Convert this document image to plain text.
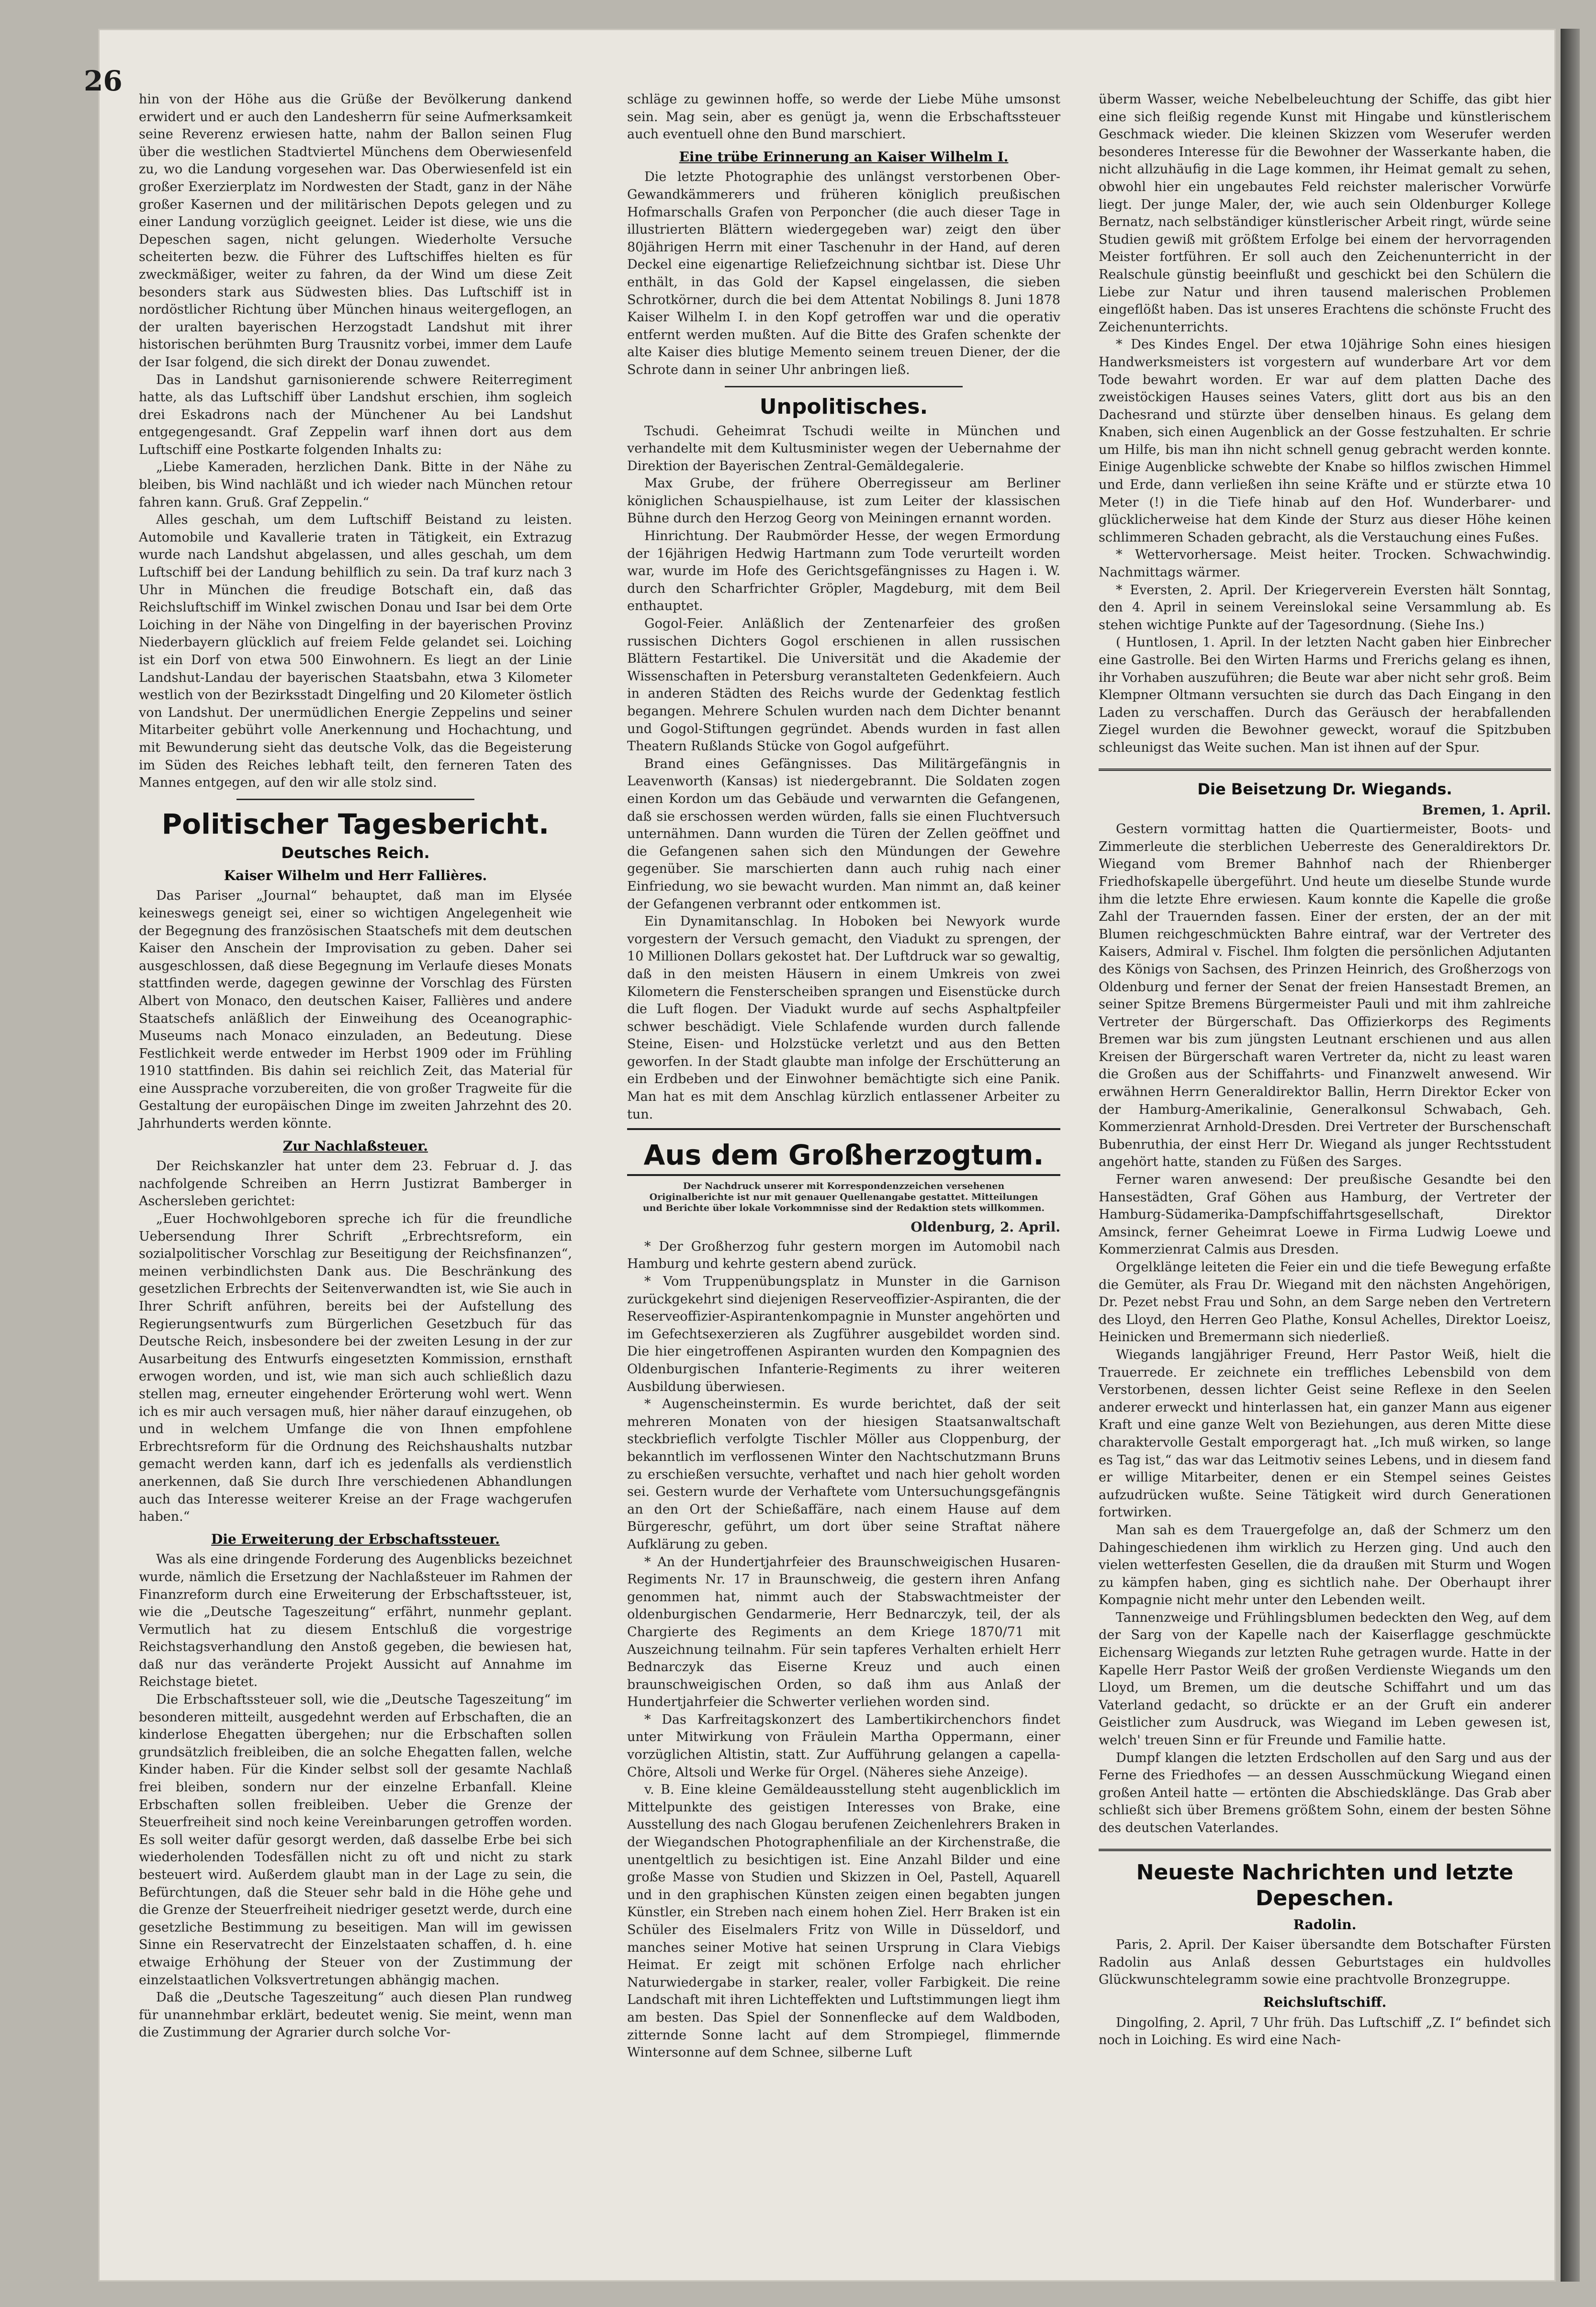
26

hin von der Höhe aus die Grüße der Bevölkerung dankend erwidert und er auch den Landesherrn für seine Aufmerksamkeit seine Reverenz erwiesen hatte, nahm der Ballon seinen Flug über die westlichen Stadtviertel Münchens dem Oberwiesenfeld zu, wo die Landung vorgesehen war. Das Oberwiesenfeld ist ein großer Exerzierplatz im Nordwesten der Stadt, ganz in der Nähe großer Kasernen und der militärischen Depots gelegen und zu einer Landung vorzüglich geeignet. Leider ist diese, wie uns die Depeschen sagen, nicht gelungen. Wiederholte Versuche scheiterten bezw. die Führer des Luftschiffes hielten es für zweckmäßiger, weiter zu fahren, da der Wind um diese Zeit besonders stark aus Südwesten blies. Das Luftschiff ist in nordöstlicher Richtung über München hinaus weitergeflogen, an der uralten bayerischen Herzogstadt Landshut mit ihrer historischen berühmten Burg Trausnitz vorbei, immer dem Laufe der Isar folgend, die sich direkt der Donau zuwendet.

Das in Landshut garnisonierende schwere Reiterregiment hatte, als das Luftschiff über Landshut erschien, ihm sogleich drei Eskadrons nach der Münchener Au bei Landshut entgegengesandt. Graf Zeppelin warf ihnen dort aus dem Luftschiff eine Postkarte folgenden Inhalts zu:

„Liebe Kameraden, herzlichen Dank. Bitte in der Nähe zu bleiben, bis Wind nachläßt und ich wieder nach München retour fahren kann. Gruß. Graf Zeppelin.“

Alles geschah, um dem Luftschiff Beistand zu leisten. Automobile und Kavallerie traten in Tätigkeit, ein Extrazug wurde nach Landshut abgelassen, und alles geschah, um dem Luftschiff bei der Landung behilflich zu sein. Da traf kurz nach 3 Uhr in München die freudige Botschaft ein, daß das Reichsluftschiff im Winkel zwischen Donau und Isar bei dem Orte Loiching in der Nähe von Dingelfing in der bayerischen Provinz Niederbayern glücklich auf freiem Felde gelandet sei. Loiching ist ein Dorf von etwa 500 Einwohnern. Es liegt an der Linie Landshut-Landau der bayerischen Staatsbahn, etwa 3 Kilometer westlich von der Bezirksstadt Dingelfing und 20 Kilometer östlich von Landshut. Der unermüdlichen Energie Zeppelins und seiner Mitarbeiter gebührt volle Anerkennung und Hochachtung, und mit Bewunderung sieht das deutsche Volk, das die Begeisterung im Süden des Reiches lebhaft teilt, den ferneren Taten des Mannes entgegen, auf den wir alle stolz sind.

Politischer Tagesbericht.
Deutsches Reich.
Kaiser Wilhelm und Herr Fallières.

Das Pariser „Journal“ behauptet, daß man im Elysée keineswegs geneigt sei, einer so wichtigen Angelegenheit wie der Begegnung des französischen Staatschefs mit dem deutschen Kaiser den Anschein der Improvisation zu geben. Daher sei ausgeschlossen, daß diese Begegnung im Verlaufe dieses Monats stattfinden werde, dagegen gewinne der Vorschlag des Fürsten Albert von Monaco, den deutschen Kaiser, Fallières und andere Staatschefs anläßlich der Einweihung des Oceanographic-Museums nach Monaco einzuladen, an Bedeutung. Diese Festlichkeit werde entweder im Herbst 1909 oder im Frühling 1910 stattfinden. Bis dahin sei reichlich Zeit, das Material für eine Aussprache vorzubereiten, die von großer Tragweite für die Gestaltung der europäischen Dinge im zweiten Jahrzehnt des 20. Jahrhunderts werden könnte.

Zur Nachlaßsteuer.

Der Reichskanzler hat unter dem 23. Februar d. J. das nachfolgende Schreiben an Herrn Justizrat Bamberger in Aschersleben gerichtet:

„Euer Hochwohlgeboren spreche ich für die freundliche Uebersendung Ihrer Schrift „Erbrechtsreform, ein sozialpolitischer Vorschlag zur Beseitigung der Reichsfinanzen“, meinen verbindlichsten Dank aus. Die Beschränkung des gesetzlichen Erbrechts der Seitenverwandten ist, wie Sie auch in Ihrer Schrift anführen, bereits bei der Aufstellung des Regierungsentwurfs zum Bürgerlichen Gesetzbuch für das Deutsche Reich, insbesondere bei der zweiten Lesung in der zur Ausarbeitung des Entwurfs eingesetzten Kommission, ernsthaft erwogen worden, und ist, wie man sich auch schließlich dazu stellen mag, erneuter eingehender Erörterung wohl wert. Wenn ich es mir auch versagen muß, hier näher darauf einzugehen, ob und in welchem Umfange die von Ihnen empfohlene Erbrechtsreform für die Ordnung des Reichshaushalts nutzbar gemacht werden kann, darf ich es jedenfalls als verdienstlich anerkennen, daß Sie durch Ihre verschiedenen Abhandlungen auch das Interesse weiterer Kreise an der Frage wachgerufen haben.“

Die Erweiterung der Erbschaftssteuer.

Was als eine dringende Forderung des Augenblicks bezeichnet wurde, nämlich die Ersetzung der Nachlaßsteuer im Rahmen der Finanzreform durch eine Erweiterung der Erbschaftssteuer, ist, wie die „Deutsche Tageszeitung“ erfährt, nunmehr geplant. Vermutlich hat zu diesem Entschluß die vorgestrige Reichstagsverhandlung den Anstoß gegeben, die bewiesen hat, daß nur das veränderte Projekt Aussicht auf Annahme im Reichstage bietet.

Die Erbschaftssteuer soll, wie die „Deutsche Tageszeitung“ im besonderen mitteilt, ausgedehnt werden auf Erbschaften, die an kinderlose Ehegatten übergehen; nur die Erbschaften sollen grundsätzlich freibleiben, die an solche Ehegatten fallen, welche Kinder haben. Für die Kinder selbst soll der gesamte Nachlaß frei bleiben, sondern nur der einzelne Erbanfall. Kleine Erbschaften sollen freibleiben. Ueber die Grenze der Steuerfreiheit sind noch keine Vereinbarungen getroffen worden. Es soll weiter dafür gesorgt werden, daß dasselbe Erbe bei sich wiederholenden Todesfällen nicht zu oft und nicht zu stark besteuert wird. Außerdem glaubt man in der Lage zu sein, die Befürchtungen, daß die Steuer sehr bald in die Höhe gehe und die Grenze der Steuerfreiheit niedriger gesetzt werde, durch eine gesetzliche Bestimmung zu beseitigen. Man will im gewissen Sinne ein Reservatrecht der Einzelstaaten schaffen, d. h. eine etwaige Erhöhung der Steuer von der Zustimmung der einzelstaatlichen Volksvertretungen abhängig machen.

Daß die „Deutsche Tageszeitung“ auch diesen Plan rundweg für unannehmbar erklärt, bedeutet wenig. Sie meint, wenn man die Zustimmung der Agrarier durch solche Vor-

schläge zu gewinnen hoffe, so werde der Liebe Mühe umsonst sein. Mag sein, aber es genügt ja, wenn die Erbschaftssteuer auch eventuell ohne den Bund marschiert.

Eine trübe Erinnerung an Kaiser Wilhelm I.

Die letzte Photographie des unlängst verstorbenen Ober-Gewandkämmerers und früheren königlich preußischen Hofmarschalls Grafen von Perponcher (die auch dieser Tage in illustrierten Blättern wiedergegeben war) zeigt den über 80jährigen Herrn mit einer Taschenuhr in der Hand, auf deren Deckel eine eigenartige Reliefzeichnung sichtbar ist. Diese Uhr enthält, in das Gold der Kapsel eingelassen, die sieben Schrotkörner, durch die bei dem Attentat Nobilings 8. Juni 1878 Kaiser Wilhelm I. in den Kopf getroffen war und die operativ entfernt werden mußten. Auf die Bitte des Grafen schenkte der alte Kaiser dies blutige Memento seinem treuen Diener, der die Schrote dann in seiner Uhr anbringen ließ.

Unpolitisches.

Tschudi. Geheimrat Tschudi weilte in München und verhandelte mit dem Kultusminister wegen der Uebernahme der Direktion der Bayerischen Zentral-Gemäldegalerie.

Max Grube, der frühere Oberregisseur am Berliner königlichen Schauspielhause, ist zum Leiter der klassischen Bühne durch den Herzog Georg von Meiningen ernannt worden.

Hinrichtung. Der Raubmörder Hesse, der wegen Ermordung der 16jährigen Hedwig Hartmann zum Tode verurteilt worden war, wurde im Hofe des Gerichtsgefängnisses zu Hagen i. W. durch den Scharfrichter Gröpler, Magdeburg, mit dem Beil enthauptet.

Gogol-Feier. Anläßlich der Zentenarfeier des großen russischen Dichters Gogol erschienen in allen russischen Blättern Festartikel. Die Universität und die Akademie der Wissenschaften in Petersburg veranstalteten Gedenkfeiern. Auch in anderen Städten des Reichs wurde der Gedenktag festlich begangen. Mehrere Schulen wurden nach dem Dichter benannt und Gogol-Stiftungen gegründet. Abends wurden in fast allen Theatern Rußlands Stücke von Gogol aufgeführt.

Brand eines Gefängnisses. Das Militärgefängnis in Leavenworth (Kansas) ist niedergebrannt. Die Soldaten zogen einen Kordon um das Gebäude und verwarnten die Gefangenen, daß sie erschossen werden würden, falls sie einen Fluchtversuch unternähmen. Dann wurden die Türen der Zellen geöffnet und die Gefangenen sahen sich den Mündungen der Gewehre gegenüber. Sie marschierten dann auch ruhig nach einer Einfriedung, wo sie bewacht wurden. Man nimmt an, daß keiner der Gefangenen verbrannt oder entkommen ist.

Ein Dynamitanschlag. In Hoboken bei Newyork wurde vorgestern der Versuch gemacht, den Viadukt zu sprengen, der 10 Millionen Dollars gekostet hat. Der Luftdruck war so gewaltig, daß in den meisten Häusern in einem Umkreis von zwei Kilometern die Fensterscheiben sprangen und Eisenstücke durch die Luft flogen. Der Viadukt wurde auf sechs Asphaltpfeiler schwer beschädigt. Viele Schlafende wurden durch fallende Steine, Eisen- und Holzstücke verletzt und aus den Betten geworfen. In der Stadt glaubte man infolge der Erschütterung an ein Erdbeben und der Einwohner bemächtigte sich eine Panik. Man hat es mit dem Anschlag kürzlich entlassener Arbeiter zu tun.

Aus dem Großherzogtum.
Der Nachdruck unserer mit Korrespondenzzeichen versehenen Originalberichte ist nur mit genauer Quellenangabe gestattet. Mitteilungen und Berichte über lokale Vorkommnisse sind der Redaktion stets willkommen.
Oldenburg, 2. April.

* Der Großherzog fuhr gestern morgen im Automobil nach Hamburg und kehrte gestern abend zurück.

* Vom Truppenübungsplatz in Munster in die Garnison zurückgekehrt sind diejenigen Reserveoffizier-Aspiranten, die der Reserveoffizier-Aspirantenkompagnie in Munster angehörten und im Gefechtsexerzieren als Zugführer ausgebildet worden sind. Die hier eingetroffenen Aspiranten wurden den Kompagnien des Oldenburgischen Infanterie-Regiments zu ihrer weiteren Ausbildung überwiesen.

* Augenscheinstermin. Es wurde berichtet, daß der seit mehreren Monaten von der hiesigen Staatsanwaltschaft steckbrieflich verfolgte Tischler Möller aus Cloppenburg, der bekanntlich im verflossenen Winter den Nachtschutzmann Bruns zu erschießen versuchte, verhaftet und nach hier geholt worden sei. Gestern wurde der Verhaftete vom Untersuchungsgefängnis an den Ort der Schießaffäre, nach einem Hause auf dem Bürgereschr, geführt, um dort über seine Straftat nähere Aufklärung zu geben.

* An der Hundertjahrfeier des Braunschweigischen Husaren-Regiments Nr. 17 in Braunschweig, die gestern ihren Anfang genommen hat, nimmt auch der Stabswachtmeister der oldenburgischen Gendarmerie, Herr Bednarczyk, teil, der als Chargierte des Regiments an dem Kriege 1870/71 mit Auszeichnung teilnahm. Für sein tapferes Verhalten erhielt Herr Bednarczyk das Eiserne Kreuz und auch einen braunschweigischen Orden, so daß ihm aus Anlaß der Hundertjahrfeier die Schwerter verliehen worden sind.

* Das Karfreitagskonzert des Lambertikirchenchors findet unter Mitwirkung von Fräulein Martha Oppermann, einer vorzüglichen Altistin, statt. Zur Aufführung gelangen a capella-Chöre, Altsoli und Werke für Orgel. (Näheres siehe Anzeige).

v. B. Eine kleine Gemäldeausstellung steht augenblicklich im Mittelpunkte des geistigen Interesses von Brake, eine Ausstellung des nach Glogau berufenen Zeichenlehrers Braken in der Wiegandschen Photographenfiliale an der Kirchenstraße, die unentgeltlich zu besichtigen ist. Eine Anzahl Bilder und eine große Masse von Studien und Skizzen in Oel, Pastell, Aquarell und in den graphischen Künsten zeigen einen begabten jungen Künstler, ein Streben nach einem hohen Ziel. Herr Braken ist ein Schüler des Eiselmalers Fritz von Wille in Düsseldorf, und manches seiner Motive hat seinen Ursprung in Clara Viebigs Heimat. Er zeigt mit schönen Erfolge nach ehrlicher Naturwiedergabe in starker, realer, voller Farbigkeit. Die reine Landschaft mit ihren Lichteffekten und Luftstimmungen liegt ihm am besten. Das Spiel der Sonnenflecke auf dem Waldboden, zitternde Sonne lacht auf dem Strompiegel, flimmernde Wintersonne auf dem Schnee, silberne Luft

überm Wasser, weiche Nebelbeleuchtung der Schiffe, das gibt hier eine sich fleißig regende Kunst mit Hingabe und künstlerischem Geschmack wieder. Die kleinen Skizzen vom Weserufer werden besonderes Interesse für die Bewohner der Wasserkante haben, die nicht allzuhäufig in die Lage kommen, ihr Heimat gemalt zu sehen, obwohl hier ein ungebautes Feld reichster malerischer Vorwürfe liegt. Der junge Maler, der, wie auch sein Oldenburger Kollege Bernatz, nach selbständiger künstlerischer Arbeit ringt, würde seine Studien gewiß mit größtem Erfolge bei einem der hervorragenden Meister fortführen. Er soll auch den Zeichenunterricht in der Realschule günstig beeinflußt und geschickt bei den Schülern die Liebe zur Natur und ihren tausend malerischen Problemen eingeflößt haben. Das ist unseres Erachtens die schönste Frucht des Zeichenunterrichts.

* Des Kindes Engel. Der etwa 10jährige Sohn eines hiesigen Handwerksmeisters ist vorgestern auf wunderbare Art vor dem Tode bewahrt worden. Er war auf dem platten Dache des zweistöckigen Hauses seines Vaters, glitt dort aus bis an den Dachesrand und stürzte über denselben hinaus. Es gelang dem Knaben, sich einen Augenblick an der Gosse festzuhalten. Er schrie um Hilfe, bis man ihn nicht schnell genug gebracht werden konnte. Einige Augenblicke schwebte der Knabe so hilflos zwischen Himmel und Erde, dann verließen ihn seine Kräfte und er stürzte etwa 10 Meter (!) in die Tiefe hinab auf den Hof. Wunderbarer- und glücklicherweise hat dem Kinde der Sturz aus dieser Höhe keinen schlimmeren Schaden gebracht, als die Verstauchung eines Fußes.

* Wettervorhersage. Meist heiter. Trocken. Schwachwindig. Nachmittags wärmer.

* Eversten, 2. April. Der Kriegerverein Eversten hält Sonntag, den 4. April in seinem Vereinslokal seine Versammlung ab. Es stehen wichtige Punkte auf der Tagesordnung. (Siehe Ins.)

( Huntlosen, 1. April. In der letzten Nacht gaben hier Einbrecher eine Gastrolle. Bei den Wirten Harms und Frerichs gelang es ihnen, ihr Vorhaben auszuführen; die Beute war aber nicht sehr groß. Beim Klempner Oltmann versuchten sie durch das Dach Eingang in den Laden zu verschaffen. Durch das Geräusch der herabfallenden Ziegel wurden die Bewohner geweckt, worauf die Spitzbuben schleunigst das Weite suchen. Man ist ihnen auf der Spur.

Die Beisetzung Dr. Wiegands.
Bremen, 1. April.

Gestern vormittag hatten die Quartiermeister, Boots- und Zimmerleute die sterblichen Ueberreste des Generaldirektors Dr. Wiegand vom Bremer Bahnhof nach der Rhienberger Friedhofskapelle übergeführt. Und heute um dieselbe Stunde wurde ihm die letzte Ehre erwiesen. Kaum konnte die Kapelle die große Zahl der Trauernden fassen. Einer der ersten, der an der mit Blumen reichgeschmückten Bahre eintraf, war der Vertreter des Kaisers, Admiral v. Fischel. Ihm folgten die persönlichen Adjutanten des Königs von Sachsen, des Prinzen Heinrich, des Großherzogs von Oldenburg und ferner der Senat der freien Hansestadt Bremen, an seiner Spitze Bremens Bürgermeister Pauli und mit ihm zahlreiche Vertreter der Bürgerschaft. Das Offizierkorps des Regiments Bremen war bis zum jüngsten Leutnant erschienen und aus allen Kreisen der Bürgerschaft waren Vertreter da, nicht zu least waren die Großen aus der Schiffahrts- und Finanzwelt anwesend. Wir erwähnen Herrn Generaldirektor Ballin, Herrn Direktor Ecker von der Hamburg-Amerikalinie, Generalkonsul Schwabach, Geh. Kommerzienrat Arnhold-Dresden. Drei Vertreter der Burschenschaft Bubenruthia, der einst Herr Dr. Wiegand als junger Rechtsstudent angehört hatte, standen zu Füßen des Sarges.

Ferner waren anwesend: Der preußische Gesandte bei den Hansestädten, Graf Göhen aus Hamburg, der Vertreter der Hamburg-Südamerika-Dampfschiffahrtsgesellschaft, Direktor Amsinck, ferner Geheimrat Loewe in Firma Ludwig Loewe und Kommerzienrat Calmis aus Dresden.

Orgelklänge leiteten die Feier ein und die tiefe Bewegung erfaßte die Gemüter, als Frau Dr. Wiegand mit den nächsten Angehörigen, Dr. Pezet nebst Frau und Sohn, an dem Sarge neben den Vertretern des Lloyd, den Herren Geo Plathe, Konsul Achelles, Direktor Loeisz, Heinicken und Bremermann sich niederließ.

Wiegands langjähriger Freund, Herr Pastor Weiß, hielt die Trauerrede. Er zeichnete ein treffliches Lebensbild von dem Verstorbenen, dessen lichter Geist seine Reflexe in den Seelen anderer erweckt und hinterlassen hat, ein ganzer Mann aus eigener Kraft und eine ganze Welt von Beziehungen, aus deren Mitte diese charaktervolle Gestalt emporgeragt hat. „Ich muß wirken, so lange es Tag ist,“ das war das Leitmotiv seines Lebens, und in diesem fand er willige Mitarbeiter, denen er ein Stempel seines Geistes aufzudrücken wußte. Seine Tätigkeit wird durch Generationen fortwirken.

Man sah es dem Trauergefolge an, daß der Schmerz um den Dahingeschiedenen ihm wirklich zu Herzen ging. Und auch den vielen wetterfesten Gesellen, die da draußen mit Sturm und Wogen zu kämpfen haben, ging es sichtlich nahe. Der Oberhaupt ihrer Kompagnie nicht mehr unter den Lebenden weilt.

Tannenzweige und Frühlingsblumen bedeckten den Weg, auf dem der Sarg von der Kapelle nach der Kaiserflagge geschmückte Eichensarg Wiegands zur letzten Ruhe getragen wurde. Hatte in der Kapelle Herr Pastor Weiß der großen Verdienste Wiegands um den Lloyd, um Bremen, um die deutsche Schiffahrt und um das Vaterland gedacht, so drückte er an der Gruft ein anderer Geistlicher zum Ausdruck, was Wiegand im Leben gewesen ist, welch' treuen Sinn er für Freunde und Familie hatte.

Dumpf klangen die letzten Erdschollen auf den Sarg und aus der Ferne des Friedhofes — an dessen Ausschmückung Wiegand einen großen Anteil hatte — ertönten die Abschiedsklänge. Das Grab aber schließt sich über Bremens größtem Sohn, einem der besten Söhne des deutschen Vaterlandes.

Neueste Nachrichten und letzte Depeschen.
Radolin.

Paris, 2. April. Der Kaiser übersandte dem Botschafter Fürsten Radolin aus Anlaß dessen Geburtstages ein huldvolles Glückwunschtelegramm sowie eine prachtvolle Bronzegruppe.

Reichsluftschiff.

Dingolfing, 2. April, 7 Uhr früh. Das Luftschiff „Z. I“ befindet sich noch in Loiching. Es wird eine Nach-
